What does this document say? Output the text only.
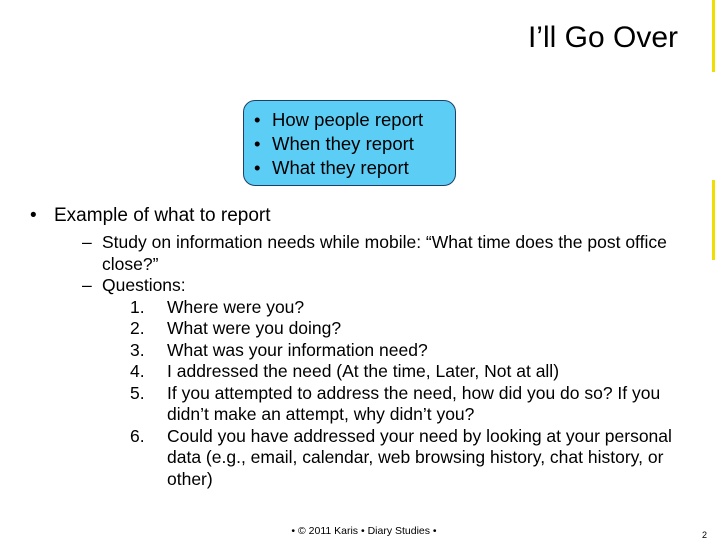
I’ll Go Over
• How people report
• When they report
• What they report
• Example of what to report
– Study on information needs while mobile: “What time does the post office close?”
– Questions:
1.	Where were you?
2.	What were you doing?
3.	What was your information need?
4.	I addressed the need (At the time, Later, Not at all)
5.	If you attempted to address the need, how did you do so? If you didn’t make an attempt, why didn’t you?
6.	Could you have addressed your need by looking at your personal data (e.g., email, calendar, web browsing history, chat history, or other)
• © 2011 Karis • Diary Studies •	2
